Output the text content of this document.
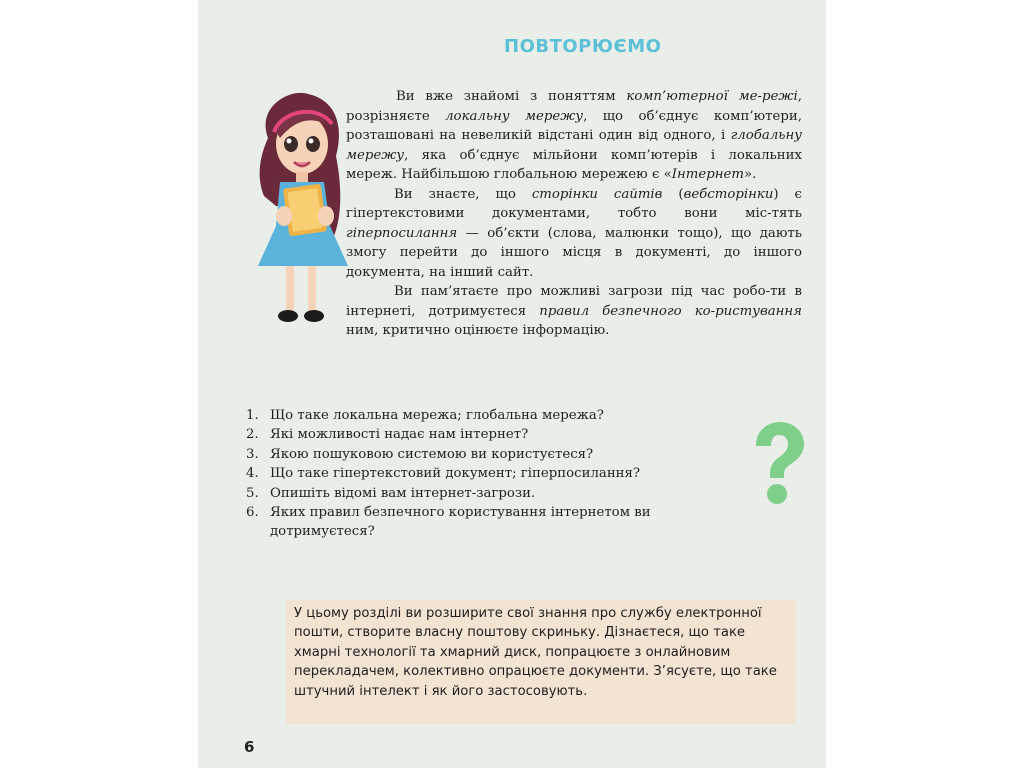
ПОВТОРЮЄМО

Ви вже знайомі з поняттям комп’ютерної ме-режі, розрізняєте локальну мережу, що об’єднує комп’ютери, розташовані на невеликій відстані один від одного, і глобальну мережу, яка об’єднує мільйони комп’ютерів і локальних мереж. Найбільшою глобальною мережею є «Інтернет».

Ви знаєте, що сторінки сайтів (вебсторінки) є гіпертекстовими документами, тобто вони міс-тять гіперпосилання — об’єкти (слова, малюнки тощо), що дають змогу перейти до іншого місця в документі, до іншого документа, на інший сайт.

Ви пам’ятаєте про можливі загрози під час робо-ти в інтернеті, дотримуєтеся правил безпечного ко-ристування ним, критично оцінюєте інформацію.

1. Що таке локальна мережа; глобальна мережа?
2. Які можливості надає нам інтернет?
3. Якою пошуковою системою ви користуєтеся?
4. Що таке гіпертекстовий документ; гіперпосилання?
5. Опишіть відомі вам інтернет-загрози.
6. Яких правил безпечного користування інтернетом ви дотримуєтеся?
У цьому розділі ви розширите свої знання про службу електронної пошти, створите власну поштову скриньку. Дізнаєтеся, що таке хмарні технології та хмарний диск, попрацюєте з онлайновим перекладачем, колективно опрацюєте документи. З’ясуєте, що таке штучний інтелект і як його застосовують.
6
